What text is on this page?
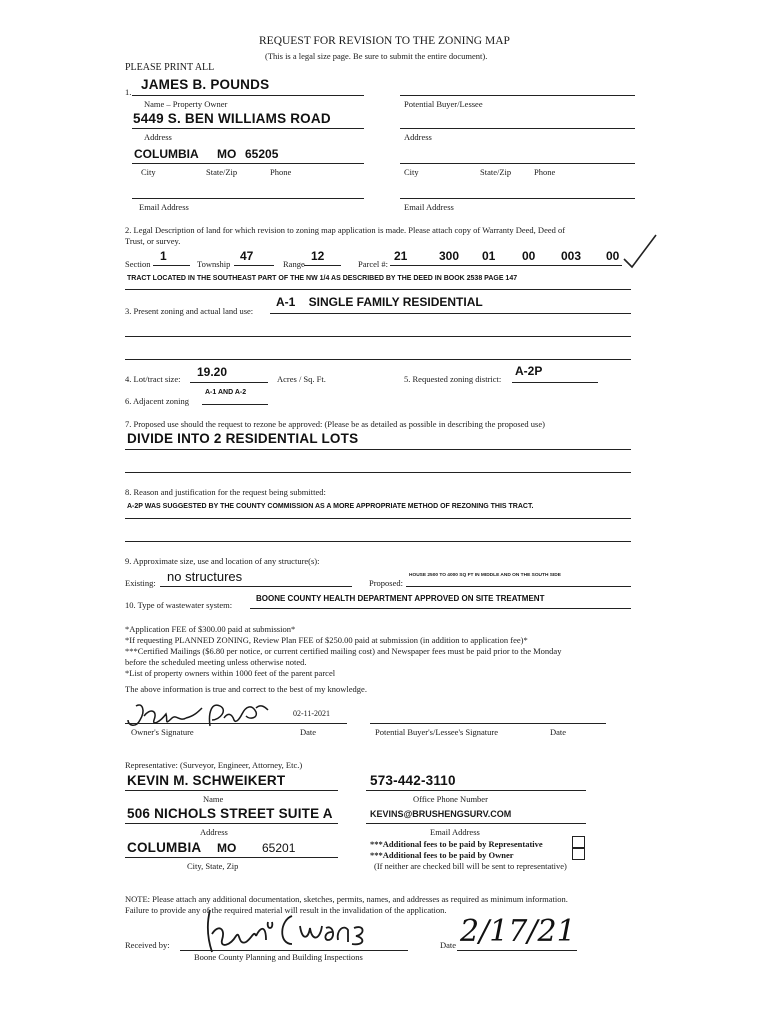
REQUEST FOR REVISION TO THE ZONING MAP
(This is a legal size page. Be sure to submit the entire document).
PLEASE PRINT ALL
1. JAMES B. POUNDS
Name – Property Owner	Potential Buyer/Lessee
5449 S. BEN WILLIAMS ROAD
Address	Address
COLUMBIA MO 65205
City	State/Zip	Phone	City	State/Zip	Phone
Email Address	Email Address
2. Legal Description of land for which revision to zoning map application is made. Please attach copy of Warranty Deed, Deed of
Trust, or survey.
Section
1
Township
47
Range
12
Parcel #:
21	300 01 00 003 00
TRACT LOCATED IN THE SOUTHEAST PART OF THE NW 1/4 AS DESCRIBED BY THE DEED IN BOOK 2538 PAGE 147
3. Present zoning and actual land use:
A-1    SINGLE FAMILY RESIDENTIAL
4. Lot/tract size: 19.20	Acres / Sq. Ft.	5. Requested zoning district:
A-2P
6. Adjacent zoning
A-1 AND A-2
7. Proposed use should the request to rezone be approved: (Please be as detailed as possible in describing the proposed use)
DIVIDE INTO 2 RESIDENTIAL LOTS
8. Reason and justification for the request being submitted:
A-2P WAS SUGGESTED BY THE COUNTY COMMISSION AS A MORE APPROPRIATE METHOD OF REZONING THIS TRACT.
9. Approximate size, use and location of any structure(s):
Existing: no structures	Proposed:
HOUSE 2500 TO 4000 SQ FT IN MIDDLE AND ON THE SOUTH SIDE
10. Type of wastewater system:
BOONE COUNTY HEALTH DEPARTMENT APPROVED ON SITE TREATMENT
*Application FEE of $300.00 paid at submission*
*If requesting PLANNED ZONING, Review Plan FEE of $250.00 paid at submission (in addition to application fee)*
***Certified Mailings ($6.80 per notice, or current certified mailing cost) and Newspaper fees must be paid prior to the Monday
before the scheduled meeting unless otherwise noted.
*List of property owners within 1000 feet of the parent parcel
The above information is true and correct to the best of my knowledge.
02-11-2021
Owner's Signature	Date	Potential Buyer's/Lessee's Signature	Date
Representative: (Surveyor, Engineer, Attorney, Etc.)
KEVIN M. SCHWEIKERT
Name
573-442-3110
Office Phone Number
506 NICHOLS STREET SUITE A
Address
KEVINS@BRUSHENGSURV.COM
Email Address
COLUMBIA MO 65201
City, State, Zip
***Additional fees to be paid by Representative
***Additional fees to be paid by Owner
(If neither are checked bill will be sent to representative)
NOTE: Please attach any additional documentation, sketches, permits, names, and addresses as required as minimum information.
Failure to provide any of the required material will result in the invalidation of the application.
Received by:
Boone County Planning and Building Inspections
Date 2/17/21
